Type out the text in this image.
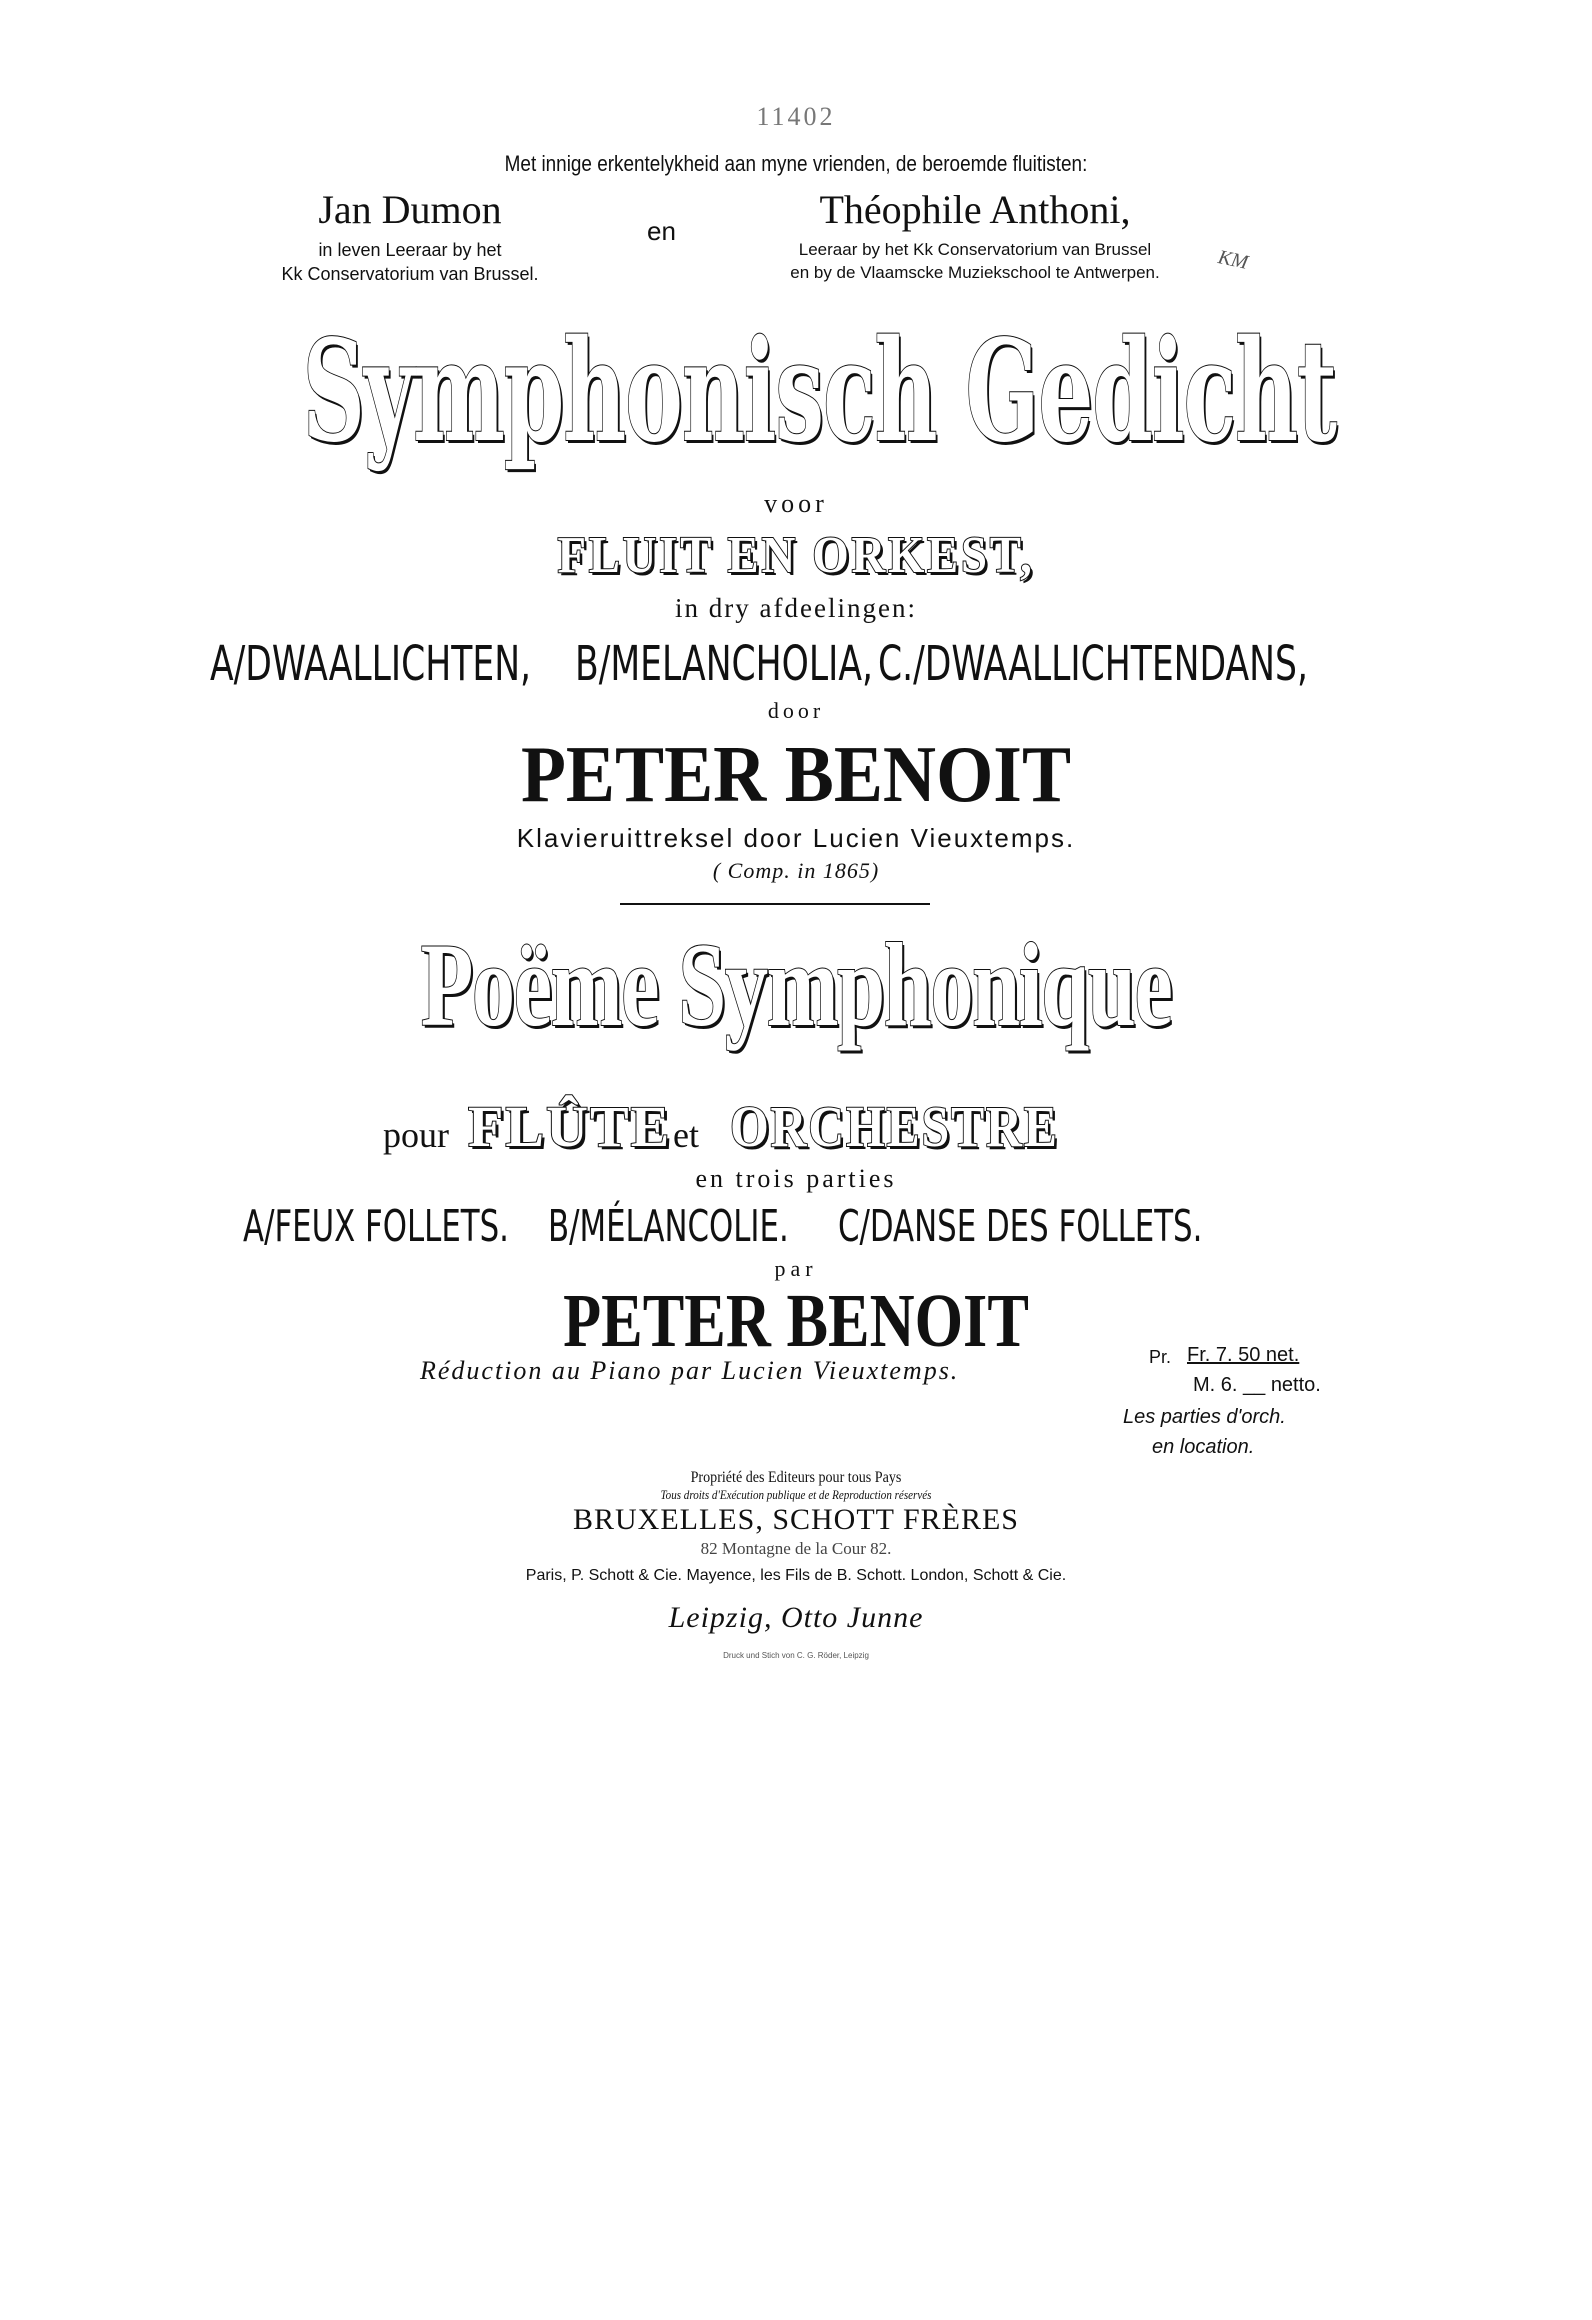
11402
Met innige erkentelykheid aan myne vrienden, de beroemde fluitisten:
Jan Dumon
in leven Leeraar by het
Kk Conservatorium van Brussel.
en	Théophile Anthoni,
Leeraar by het Kk Conservatorium van Brussel
en by de Vlaamscke Muziekschool te Antwerpen.	KM
Symphonisch Gedicht
voor
FLUIT EN ORKEST,
in dry afdeelingen:
A/DWAALLICHTEN, B/MELANCHOLIA, C./DWAALLICHTENDANS,
door
PETER BENOIT
Klavieruittreksel door Lucien Vieuxtemps.
( Comp. in 1865)
Poëme Symphonique
pour FLÛTE et ORCHESTRE
en trois parties
A/FEUX FOLLETS. B/MÉLANCOLIE. C/DANSE DES FOLLETS.
par
PETER BENOIT
Réduction au Piano par Lucien Vieuxtemps.	Pr. Fr. 7. 50 net.
M. 6. __ netto.
Les parties d'orch.
en location.
Propriété des Editeurs pour tous Pays
Tous droits d'Exécution publique et de Reproduction réservés
BRUXELLES, SCHOTT FRÈRES
82 Montagne de la Cour 82.
Paris, P. Schott & Cie. Mayence, les Fils de B. Schott. London, Schott & Cie.
Leipzig, Otto Junne
Druck und Stich von C. G. Röder, Leipzig
